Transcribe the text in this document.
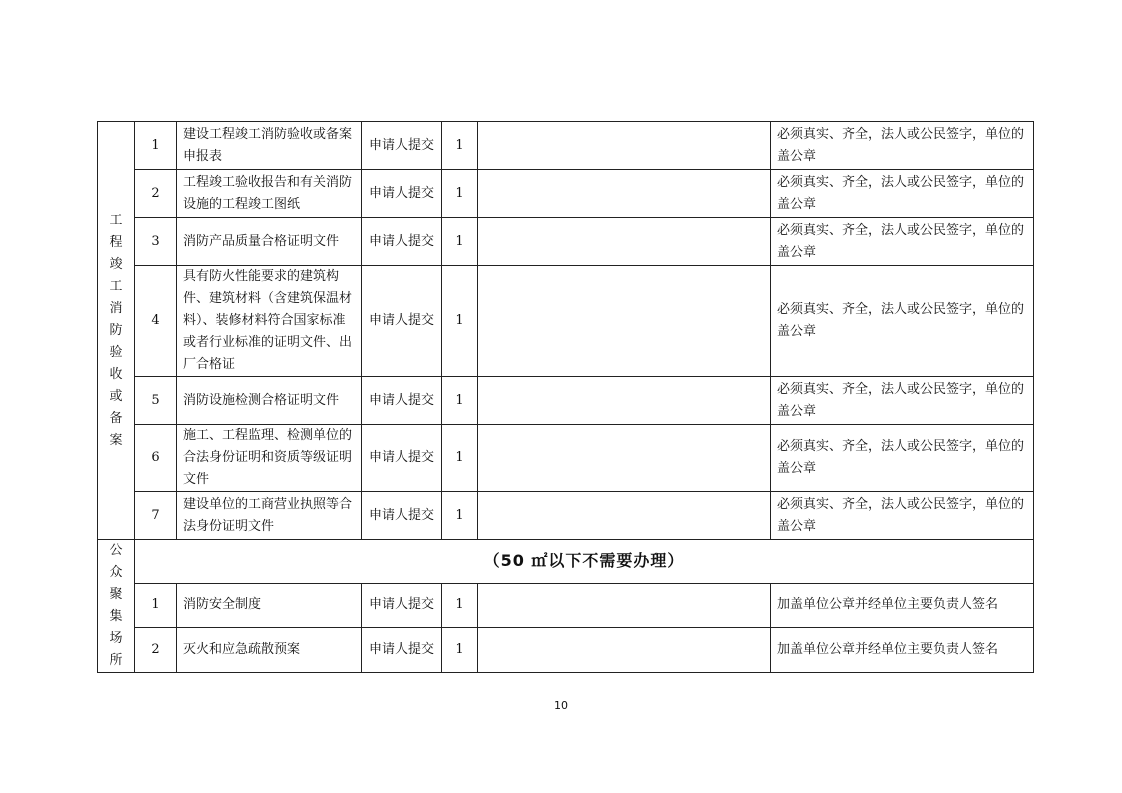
工程竣工消防验收或备案	1	建设工程竣工消防验收或备案申报表	申请人提交	1		必须真实、齐全，法人或公民签字，单位的盖公章
	2	工程竣工验收报告和有关消防设施的工程竣工图纸	申请人提交	1		必须真实、齐全，法人或公民签字，单位的盖公章
	3	消防产品质量合格证明文件	申请人提交	1		必须真实、齐全，法人或公民签字，单位的盖公章
	4	具有防火性能要求的建筑构件、建筑材料（含建筑保温材料）、装修材料符合国家标准或者行业标准的证明文件、出厂合格证	申请人提交	1		必须真实、齐全，法人或公民签字，单位的盖公章
	5	消防设施检测合格证明文件	申请人提交	1		必须真实、齐全，法人或公民签字，单位的盖公章
	6	施工、工程监理、检测单位的合法身份证明和资质等级证明文件	申请人提交	1		必须真实、齐全，法人或公民签字，单位的盖公章
	7	建设单位的工商营业执照等合法身份证明文件	申请人提交	1		必须真实、齐全，法人或公民签字，单位的盖公章
公众聚集场所	（50 ㎡以下不需要办理）					
	1	消防安全制度	申请人提交	1		加盖单位公章并经单位主要负责人签名
	2	灭火和应急疏散预案	申请人提交	1		加盖单位公章并经单位主要负责人签名
10
